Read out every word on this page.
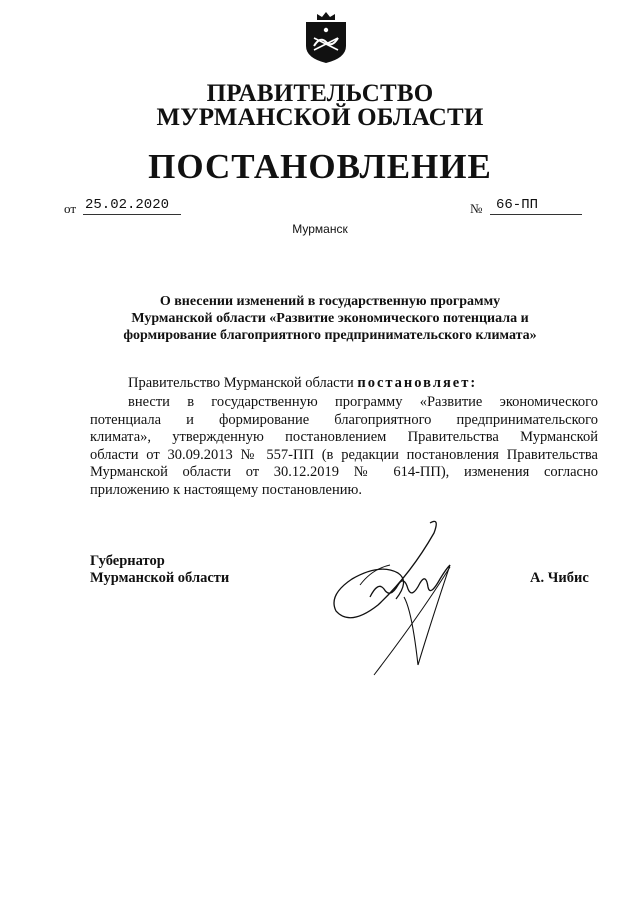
ПРАВИТЕЛЬСТВО
МУРМАНСКОЙ ОБЛАСТИ
ПОСТАНОВЛЕНИЕ
от 25.02.2020	№ 66-ПП
Мурманск
О внесении изменений в государственную программу
Мурманской области «Развитие экономического потенциала и
формирование благоприятного предпринимательского климата»
Правительство Мурманской области постановляет:
внести в государственную программу «Развитие экономического
потенциала и формирование благоприятного предпринимательского
климата», утвержденную постановлением Правительства Мурманской
области от 30.09.2013 № 557-ПП (в редакции постановления Правительства
Мурманской области от 30.12.2019 № 614-ПП), изменения согласно
приложению к настоящему постановлению.
Губернатор
Мурманской области	А. Чибис
